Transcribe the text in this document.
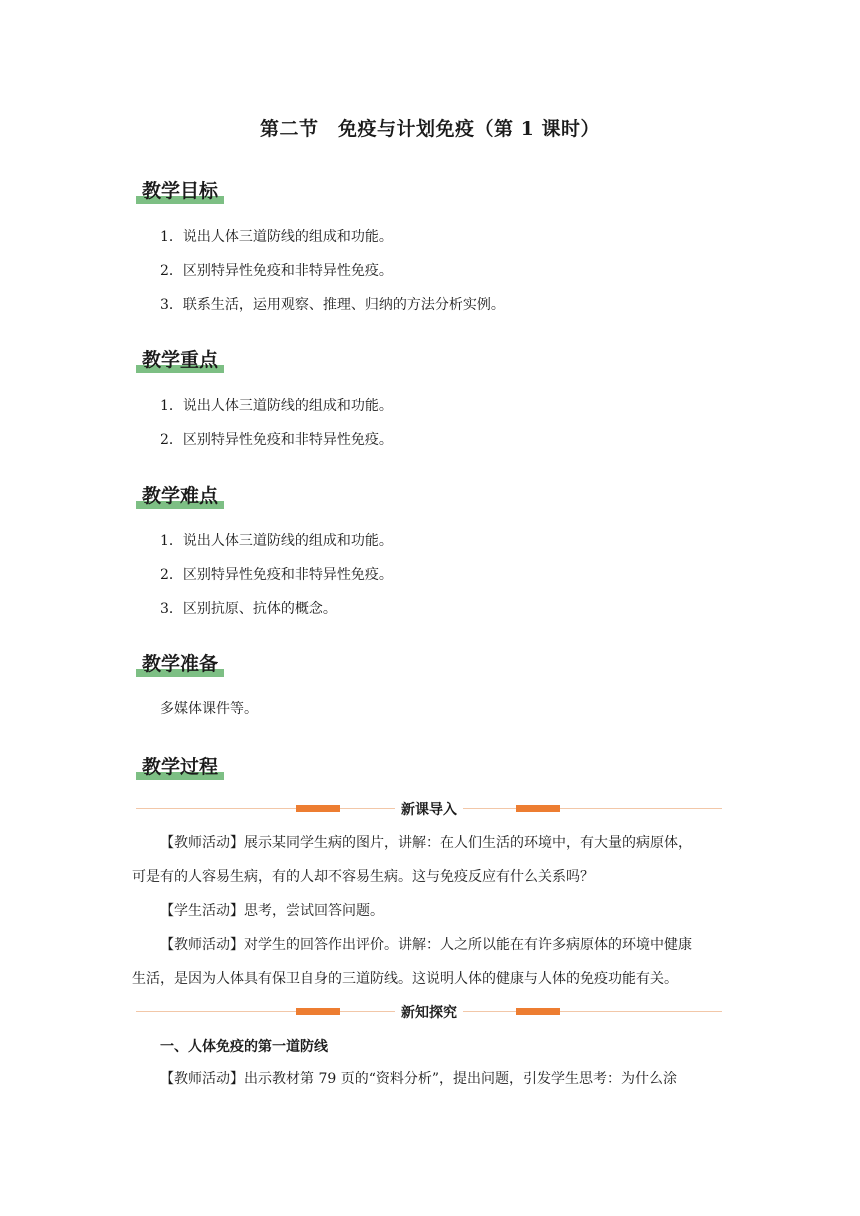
第二节　免疫与计划免疫（第 1 课时）
教学目标
1．说出人体三道防线的组成和功能。
2．区别特异性免疫和非特异性免疫。
3．联系生活，运用观察、推理、归纳的方法分析实例。
教学重点
1．说出人体三道防线的组成和功能。
2．区别特异性免疫和非特异性免疫。
教学难点
1．说出人体三道防线的组成和功能。
2．区别特异性免疫和非特异性免疫。
3．区别抗原、抗体的概念。
教学准备
多媒体课件等。
教学过程
新课导入
【教师活动】展示某同学生病的图片，讲解：在人们生活的环境中，有大量的病原体，
可是有的人容易生病，有的人却不容易生病。这与免疫反应有什么关系吗？
【学生活动】思考，尝试回答问题。
【教师活动】对学生的回答作出评价。讲解：人之所以能在有许多病原体的环境中健康
生活，是因为人体具有保卫自身的三道防线。这说明人体的健康与人体的免疫功能有关。
新知探究
一、人体免疫的第一道防线
【教师活动】出示教材第 79 页的“资料分析”，提出问题，引发学生思考：为什么涂
